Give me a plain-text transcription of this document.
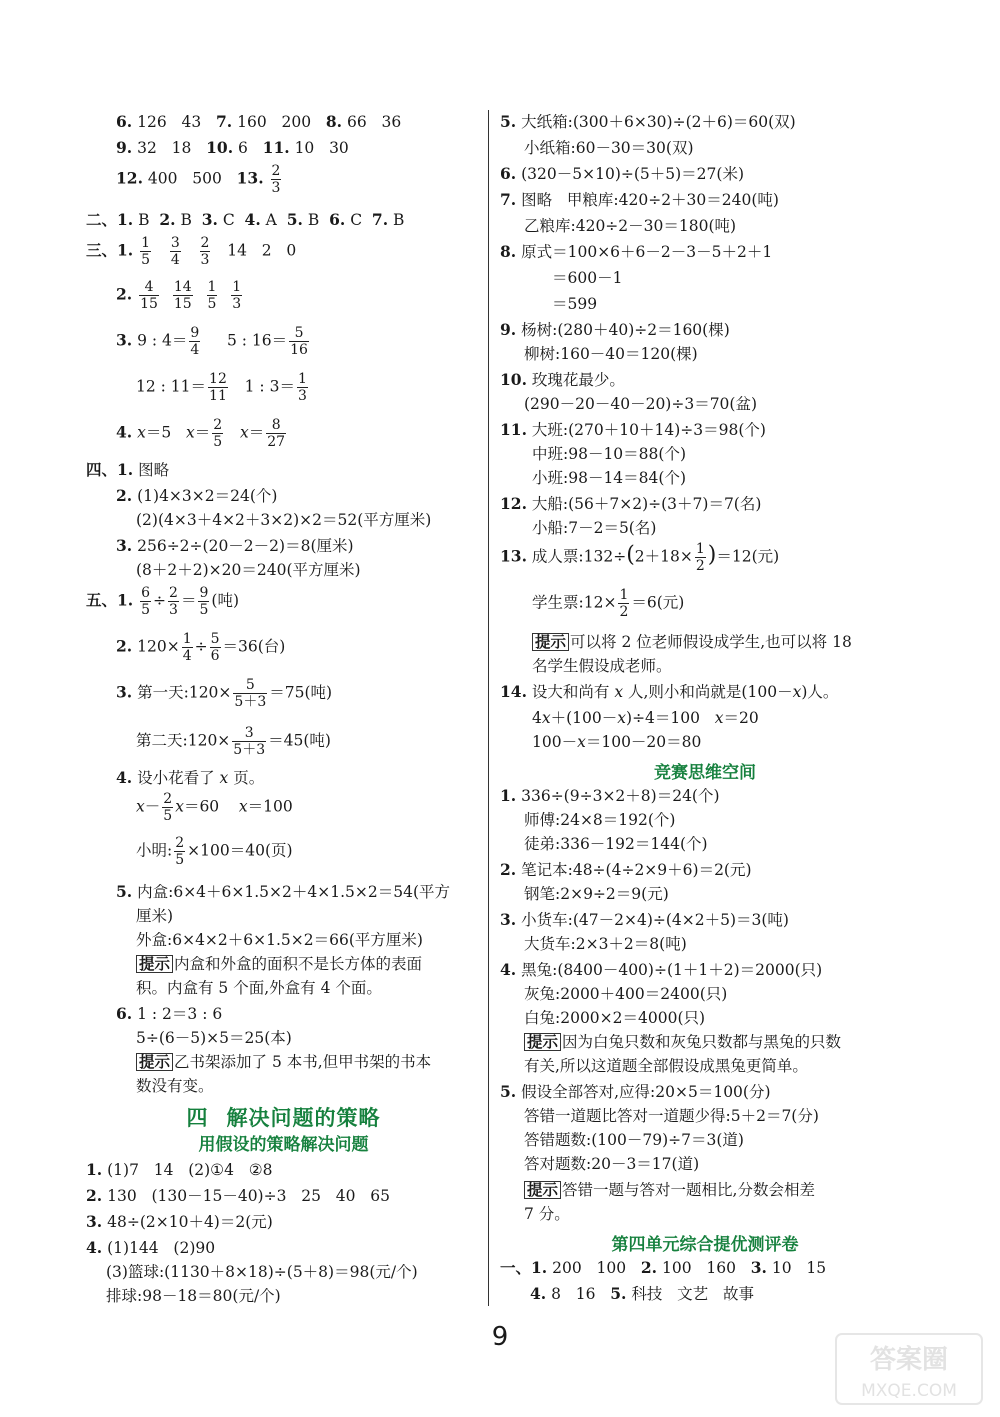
6. 126   43   7. 160   200   8. 66   36
9. 32   18   10. 6   11. 10   30
12. 400   500   13. $\frac{2}{3}$
二、1. B  2. B  3. C  4. A  5. B  6. C  7. B
三、1. $\frac{1}{5}$
$\frac{3}{4}$
$\frac{2}{3} 14$   2   0
2. $\frac{4}{15}$
$\frac{14}{15}$
$\frac{1}{5}$
$\frac{1}{3}$
3. 9 : $4= \frac{9}{4} 5$ : $16= \frac{5}{16}$
12 : $11= \frac{12}{11} 1$ : $3= \frac{1}{3}$
4. x＝5   $x= \frac{2}{5} x= \frac{8}{27}$
四、1. 图略
2. (1)4×3×2＝24(个)
(2)(4×3＋4×2＋3×2)×2＝52(平方厘米)
3. 256÷2÷(20－2－2)＝8(厘米)
(8＋2＋2)×20＝240(平方厘米)
五、1. $\frac{6}{5} \div \frac{2}{3} = \frac{9}{5}$ (吨)
2. $120\times \frac{1}{4} \div \frac{5}{6} =36$(台)
3. 第一天:120× $\frac{5}{5+3} =75$(吨)
第二天:120× $\frac{3}{5+3} =45$(吨)
4. 设小花看了 x 页。
$x- \frac{2}{5} x=60$    x＝100
小明: $\frac{2}{5} \times 100=40$(页)
5. 内盒:6×4＋6×1.5×2＋4×1.5×2＝54(平方
厘米)
外盒:6×4×2＋6×1.5×2＝66(平方厘米)
提示 内盒和外盒的面积不是长方体的表面
积。内盒有 5 个面,外盒有 4 个面。
6. 1 : 2＝3 : 6
5÷(6－5)×5＝25(本)
提示 乙书架添加了 5 本书,但甲书架的书本
数没有变。
四 解决问题的策略
用假设的策略解决问题
1. (1)7   14   (2)①4   ②8
2. 130   (130－15－40)÷3   25   40   65
3. 48÷(2×10＋4)＝2(元)
4. (1)144   (2)90
(3)篮球:(1130＋8×18)÷(5＋8)＝98(元/个)
排球:98－18＝80(元/个)
5. 大纸箱:(300＋6×30)÷(2＋6)＝60(双)
小纸箱:60－30＝30(双)
6. (320－5×10)÷(5＋5)＝27(米)
7. 图略   甲粮库:420÷2＋30＝240(吨)
乙粮库:420÷2－30＝180(吨)
8. 原式＝100×6＋6－2－3－5＋2＋1
＝600－1
＝599
9. 杨树:(280＋40)÷2＝160(棵)
柳树:160－40＝120(棵)
10. 玫瑰花最少。
(290－20－40－20)÷3＝70(盆)
11. 大班:(270＋10＋14)÷3＝98(个)
中班:98－10＝88(个)
小班:98－14＝84(个)
12. 大船:(56＋7×2)÷(3＋7)＝7(名)
小船:7－2＝5(名)
13. 成人票:132÷(2＋18× $\frac{1}{2} )=12$(元)
学生票:12× $\frac{1}{2} =6$(元)
提示 可以将 2 位老师假设成学生,也可以将 18
名学生假设成老师。
14. 设大和尚有 x 人,则小和尚就是(100－x)人。
4x＋(100－x)÷4＝100   x＝20
100－x＝100－20＝80
竞赛思维空间
1. 336÷(9÷3×2＋8)＝24(个)
师傅:24×8＝192(个)
徒弟:336－192＝144(个)
2. 笔记本:48÷(4÷2×9＋6)＝2(元)
钢笔:2×9÷2＝9(元)
3. 小货车:(47－2×4)÷(4×2＋5)＝3(吨)
大货车:2×3＋2＝8(吨)
4. 黑兔:(8400－400)÷(1＋1＋2)＝2000(只)
灰兔:2000＋400＝2400(只)
白兔:2000×2＝4000(只)
提示 因为白兔只数和灰兔只数都与黑兔的只数
有关,所以这道题全部假设成黑兔更简单。
5. 假设全部答对,应得:20×5＝100(分)
答错一道题比答对一道题少得:5＋2＝7(分)
答错题数:(100－79)÷7＝3(道)
答对题数:20－3＝17(道)
提示 答错一题与答对一题相比,分数会相差
7 分。
第四单元综合提优测评卷
一、1. 200   100   2. 100   160   3. 10   15
4. 8   16   5. 科技   文艺   故事
9
答案圈
MXQE.COM
